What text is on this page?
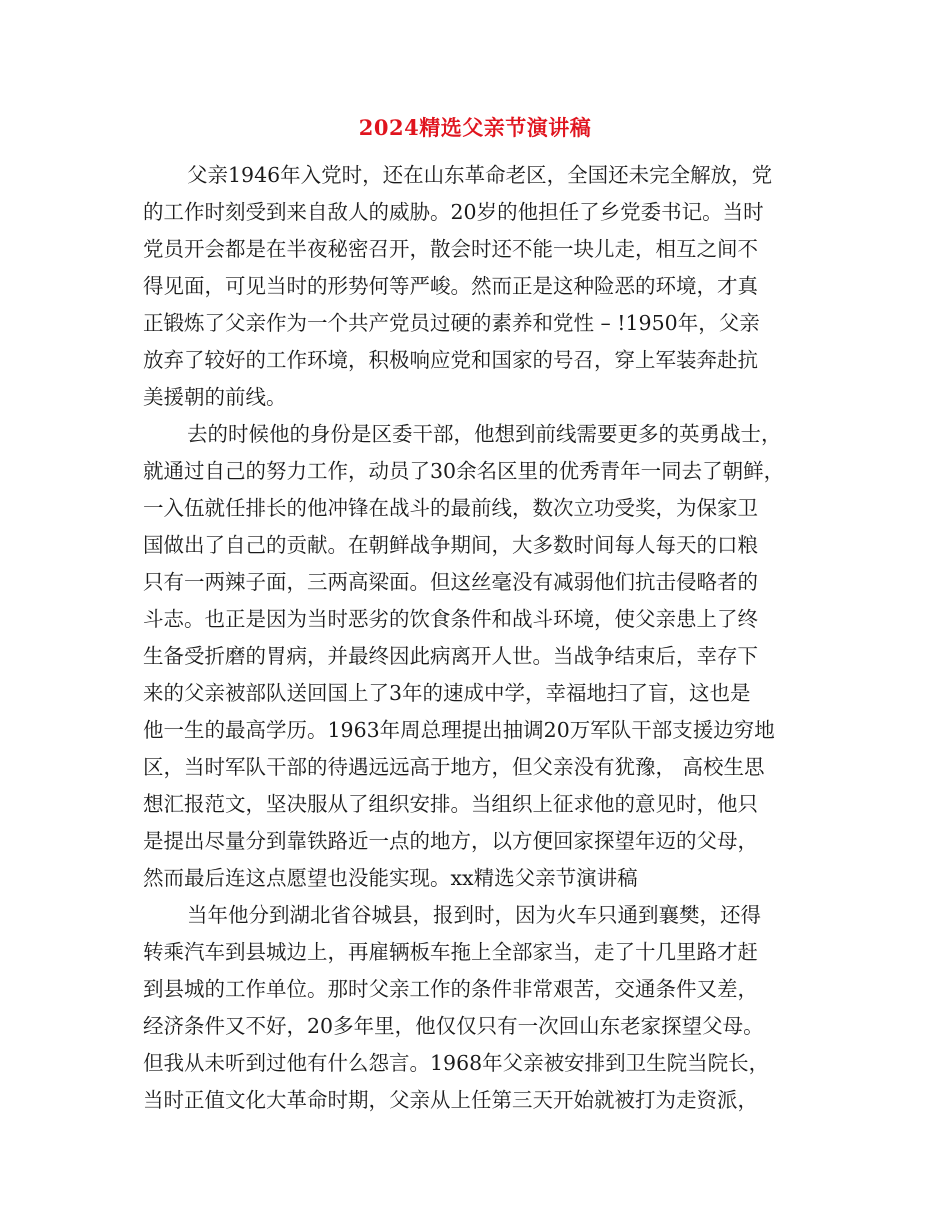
2024精选父亲节演讲稿
父亲1946年入党时，还在山东革命老区，全国还未完全解放，党
的工作时刻受到来自敌人的威胁。20岁的他担任了乡党委书记。当时
党员开会都是在半夜秘密召开，散会时还不能一块儿走，相互之间不
得见面，可见当时的形势何等严峻。然而正是这种险恶的环境，才真
正锻炼了父亲作为一个共产党员过硬的素养和党性 – !1950年，父亲
放弃了较好的工作环境，积极响应党和国家的号召，穿上军装奔赴抗
美援朝的前线。
去的时候他的身份是区委干部，他想到前线需要更多的英勇战士，
就通过自己的努力工作，动员了30余名区里的优秀青年一同去了朝鲜，
一入伍就任排长的他冲锋在战斗的最前线，数次立功受奖，为保家卫
国做出了自己的贡献。在朝鲜战争期间，大多数时间每人每天的口粮
只有一两辣子面，三两高梁面。但这丝毫没有减弱他们抗击侵略者的
斗志。也正是因为当时恶劣的饮食条件和战斗环境，使父亲患上了终
生备受折磨的胃病，并最终因此病离开人世。当战争结束后，幸存下
来的父亲被部队送回国上了3年的速成中学，幸福地扫了盲，这也是
他一生的最高学历。1963年周总理提出抽调20万军队干部支援边穷地
区，当时军队干部的待遇远远高于地方，但父亲没有犹豫， 高校生思
想汇报范文，坚决服从了组织安排。当组织上征求他的意见时，他只
是提出尽量分到靠铁路近一点的地方，以方便回家探望年迈的父母，
然而最后连这点愿望也没能实现。xx精选父亲节演讲稿
当年他分到湖北省谷城县，报到时，因为火车只通到襄樊，还得
转乘汽车到县城边上，再雇辆板车拖上全部家当，走了十几里路才赶
到县城的工作单位。那时父亲工作的条件非常艰苦，交通条件又差，
经济条件又不好，20多年里，他仅仅只有一次回山东老家探望父母。
但我从未听到过他有什么怨言。1968年父亲被安排到卫生院当院长，
当时正值文化大革命时期，父亲从上任第三天开始就被打为走资派，
